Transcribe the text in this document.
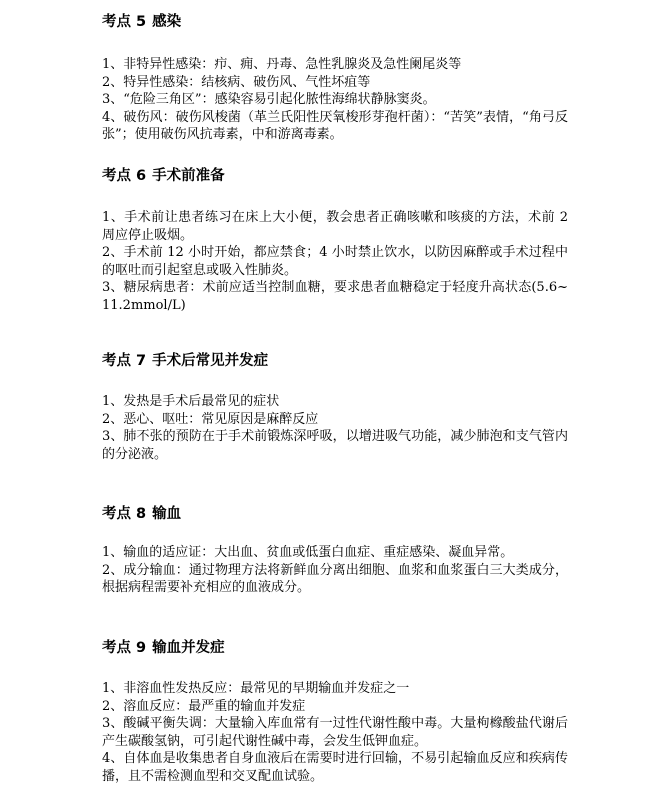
考点 5 感染

1、非特异性感染：疖、痈、丹毒、急性乳腺炎及急性阑尾炎等

2、特异性感染：结核病、破伤风、气性坏疽等

3、“危险三角区”：感染容易引起化脓性海绵状静脉窦炎。

4、破伤风：破伤风梭菌（革兰氏阳性厌氧梭形芽孢杆菌）：“苦笑”表情，“角弓反张”；使用破伤风抗毒素，中和游离毒素。

考点 6 手术前准备

1、手术前让患者练习在床上大小便，教会患者正确咳嗽和咳痰的方法，术前 2 周应停止吸烟。

2、手术前 12 小时开始，都应禁食；4 小时禁止饮水，以防因麻醉或手术过程中的呕吐而引起窒息或吸入性肺炎。

3、糖尿病患者：术前应适当控制血糖，要求患者血糖稳定于轻度升高状态(5.6~11.2mmol/L)

考点 7 手术后常见并发症

1、发热是手术后最常见的症状

2、恶心、呕吐：常见原因是麻醉反应

3、肺不张的预防在于手术前锻炼深呼吸，以增进吸气功能，减少肺泡和支气管内的分泌液。

考点 8 输血

1、输血的适应证：大出血、贫血或低蛋白血症、重症感染、凝血异常。

2、成分输血：通过物理方法将新鲜血分离出细胞、血浆和血浆蛋白三大类成分，根据病程需要补充相应的血液成分。

考点 9 输血并发症

1、非溶血性发热反应：最常见的早期输血并发症之一

2、溶血反应：最严重的输血并发症

3、酸碱平衡失调：大量输入库血常有一过性代谢性酸中毒。大量枸橼酸盐代谢后产生碳酸氢钠，可引起代谢性碱中毒，会发生低钾血症。

4、自体血是收集患者自身血液后在需要时进行回输，不易引起输血反应和疾病传播，且不需检测血型和交叉配血试验。
